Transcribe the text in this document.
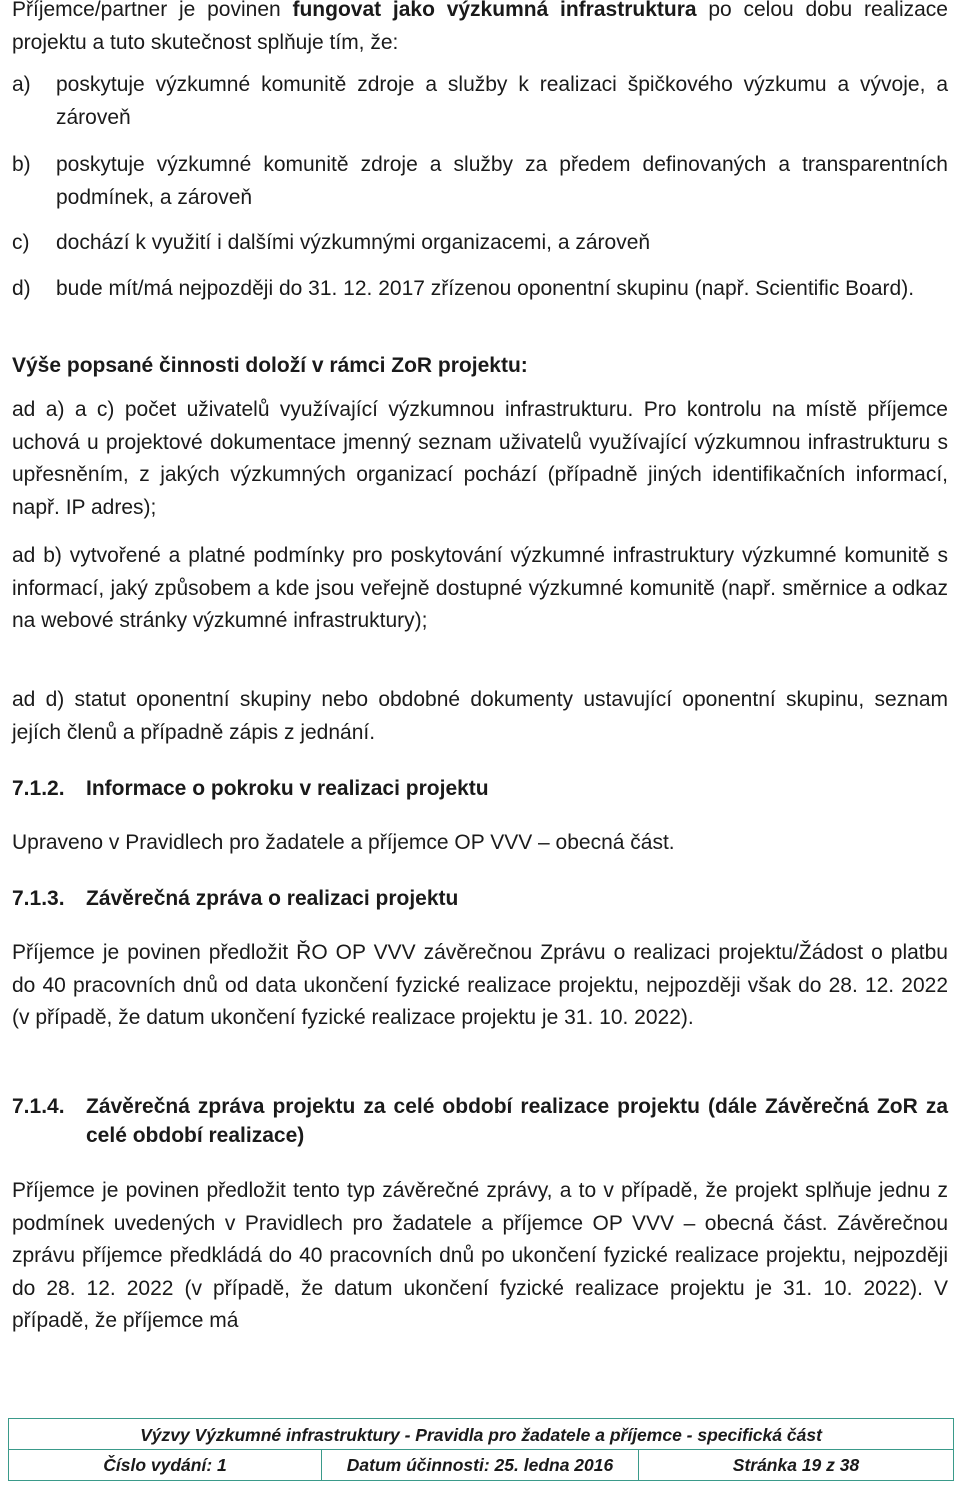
Příjemce/partner je povinen fungovat jako výzkumná infrastruktura po celou dobu realizace projektu a tuto skutečnost splňuje tím, že:

a)	poskytuje výzkumné komunitě zdroje a služby k realizaci špičkového výzkumu a vývoje, a zároveň
b)	poskytuje výzkumné komunitě zdroje a služby za předem definovaných a transparentních podmínek, a zároveň
c)	dochází k využití i dalšími výzkumnými organizacemi, a zároveň
d)	bude mít/má nejpozději do 31. 12. 2017 zřízenou oponentní skupinu (např. Scientific Board).
Výše popsané činnosti doloží v rámci ZoR projektu:

ad a) a c) počet uživatelů využívající výzkumnou infrastrukturu. Pro kontrolu na místě příjemce uchová u projektové dokumentace jmenný seznam uživatelů využívající výzkumnou infrastrukturu s upřesněním, z jakých výzkumných organizací pochází (případně jiných identifikačních informací, např. IP adres);

ad b) vytvořené a platné podmínky pro poskytování výzkumné infrastruktury výzkumné komunitě s informací, jaký způsobem a kde jsou veřejně dostupné výzkumné komunitě (např. směrnice a odkaz na webové stránky výzkumné infrastruktury);

ad d) statut oponentní skupiny nebo obdobné dokumenty ustavující oponentní skupinu, seznam jejích členů a případně zápis z jednání.

7.1.2.	Informace o pokroku v realizaci projektu

Upraveno v Pravidlech pro žadatele a příjemce OP VVV – obecná část.

7.1.3.	Závěrečná zpráva o realizaci projektu

Příjemce je povinen předložit ŘO OP VVV závěrečnou Zprávu o realizaci projektu/Žádost o platbu do 40 pracovních dnů od data ukončení fyzické realizace projektu, nejpozději však do 28. 12. 2022 (v případě, že datum ukončení fyzické realizace projektu je 31. 10. 2022).

7.1.4.	Závěrečná zpráva projektu za celé období realizace projektu (dále Závěrečná ZoR za celé období realizace)

Příjemce je povinen předložit tento typ závěrečné zprávy, a to v případě, že projekt splňuje jednu z podmínek uvedených v Pravidlech pro žadatele a příjemce OP VVV – obecná část. Závěrečnou zprávu příjemce předkládá do 40 pracovních dnů po ukončení fyzické realizace projektu, nejpozději do 28. 12. 2022 (v případě, že datum ukončení fyzické realizace projektu je 31. 10. 2022). V případě, že příjemce má

Výzvy Výzkumné infrastruktury - Pravidla pro žadatele a příjemce - specifická část
Číslo vydání: 1	Datum účinnosti: 25. ledna 2016	Stránka 19 z 38
